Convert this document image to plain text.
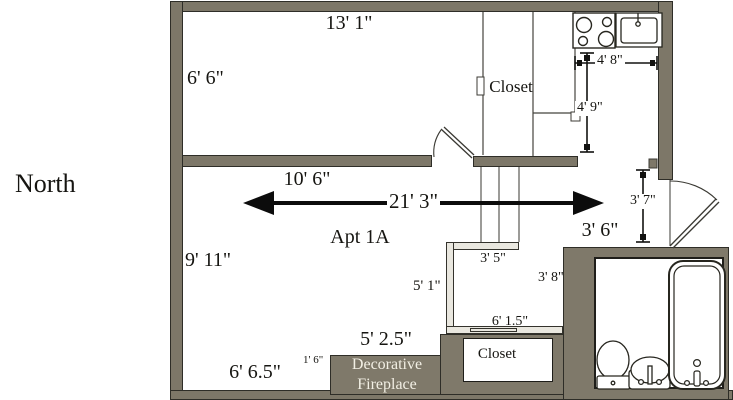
North
13' 1"
6' 6"	Closet
4' 8"
4' 9"
10' 6"
21' 3"
Apt 1A
9' 11"
3' 6"
3' 7"
3' 5"
5' 1"
3' 8"
6' 1.5"
Closet
5' 2.5"
1' 6"
6' 6.5"	Decorative
Fireplace
